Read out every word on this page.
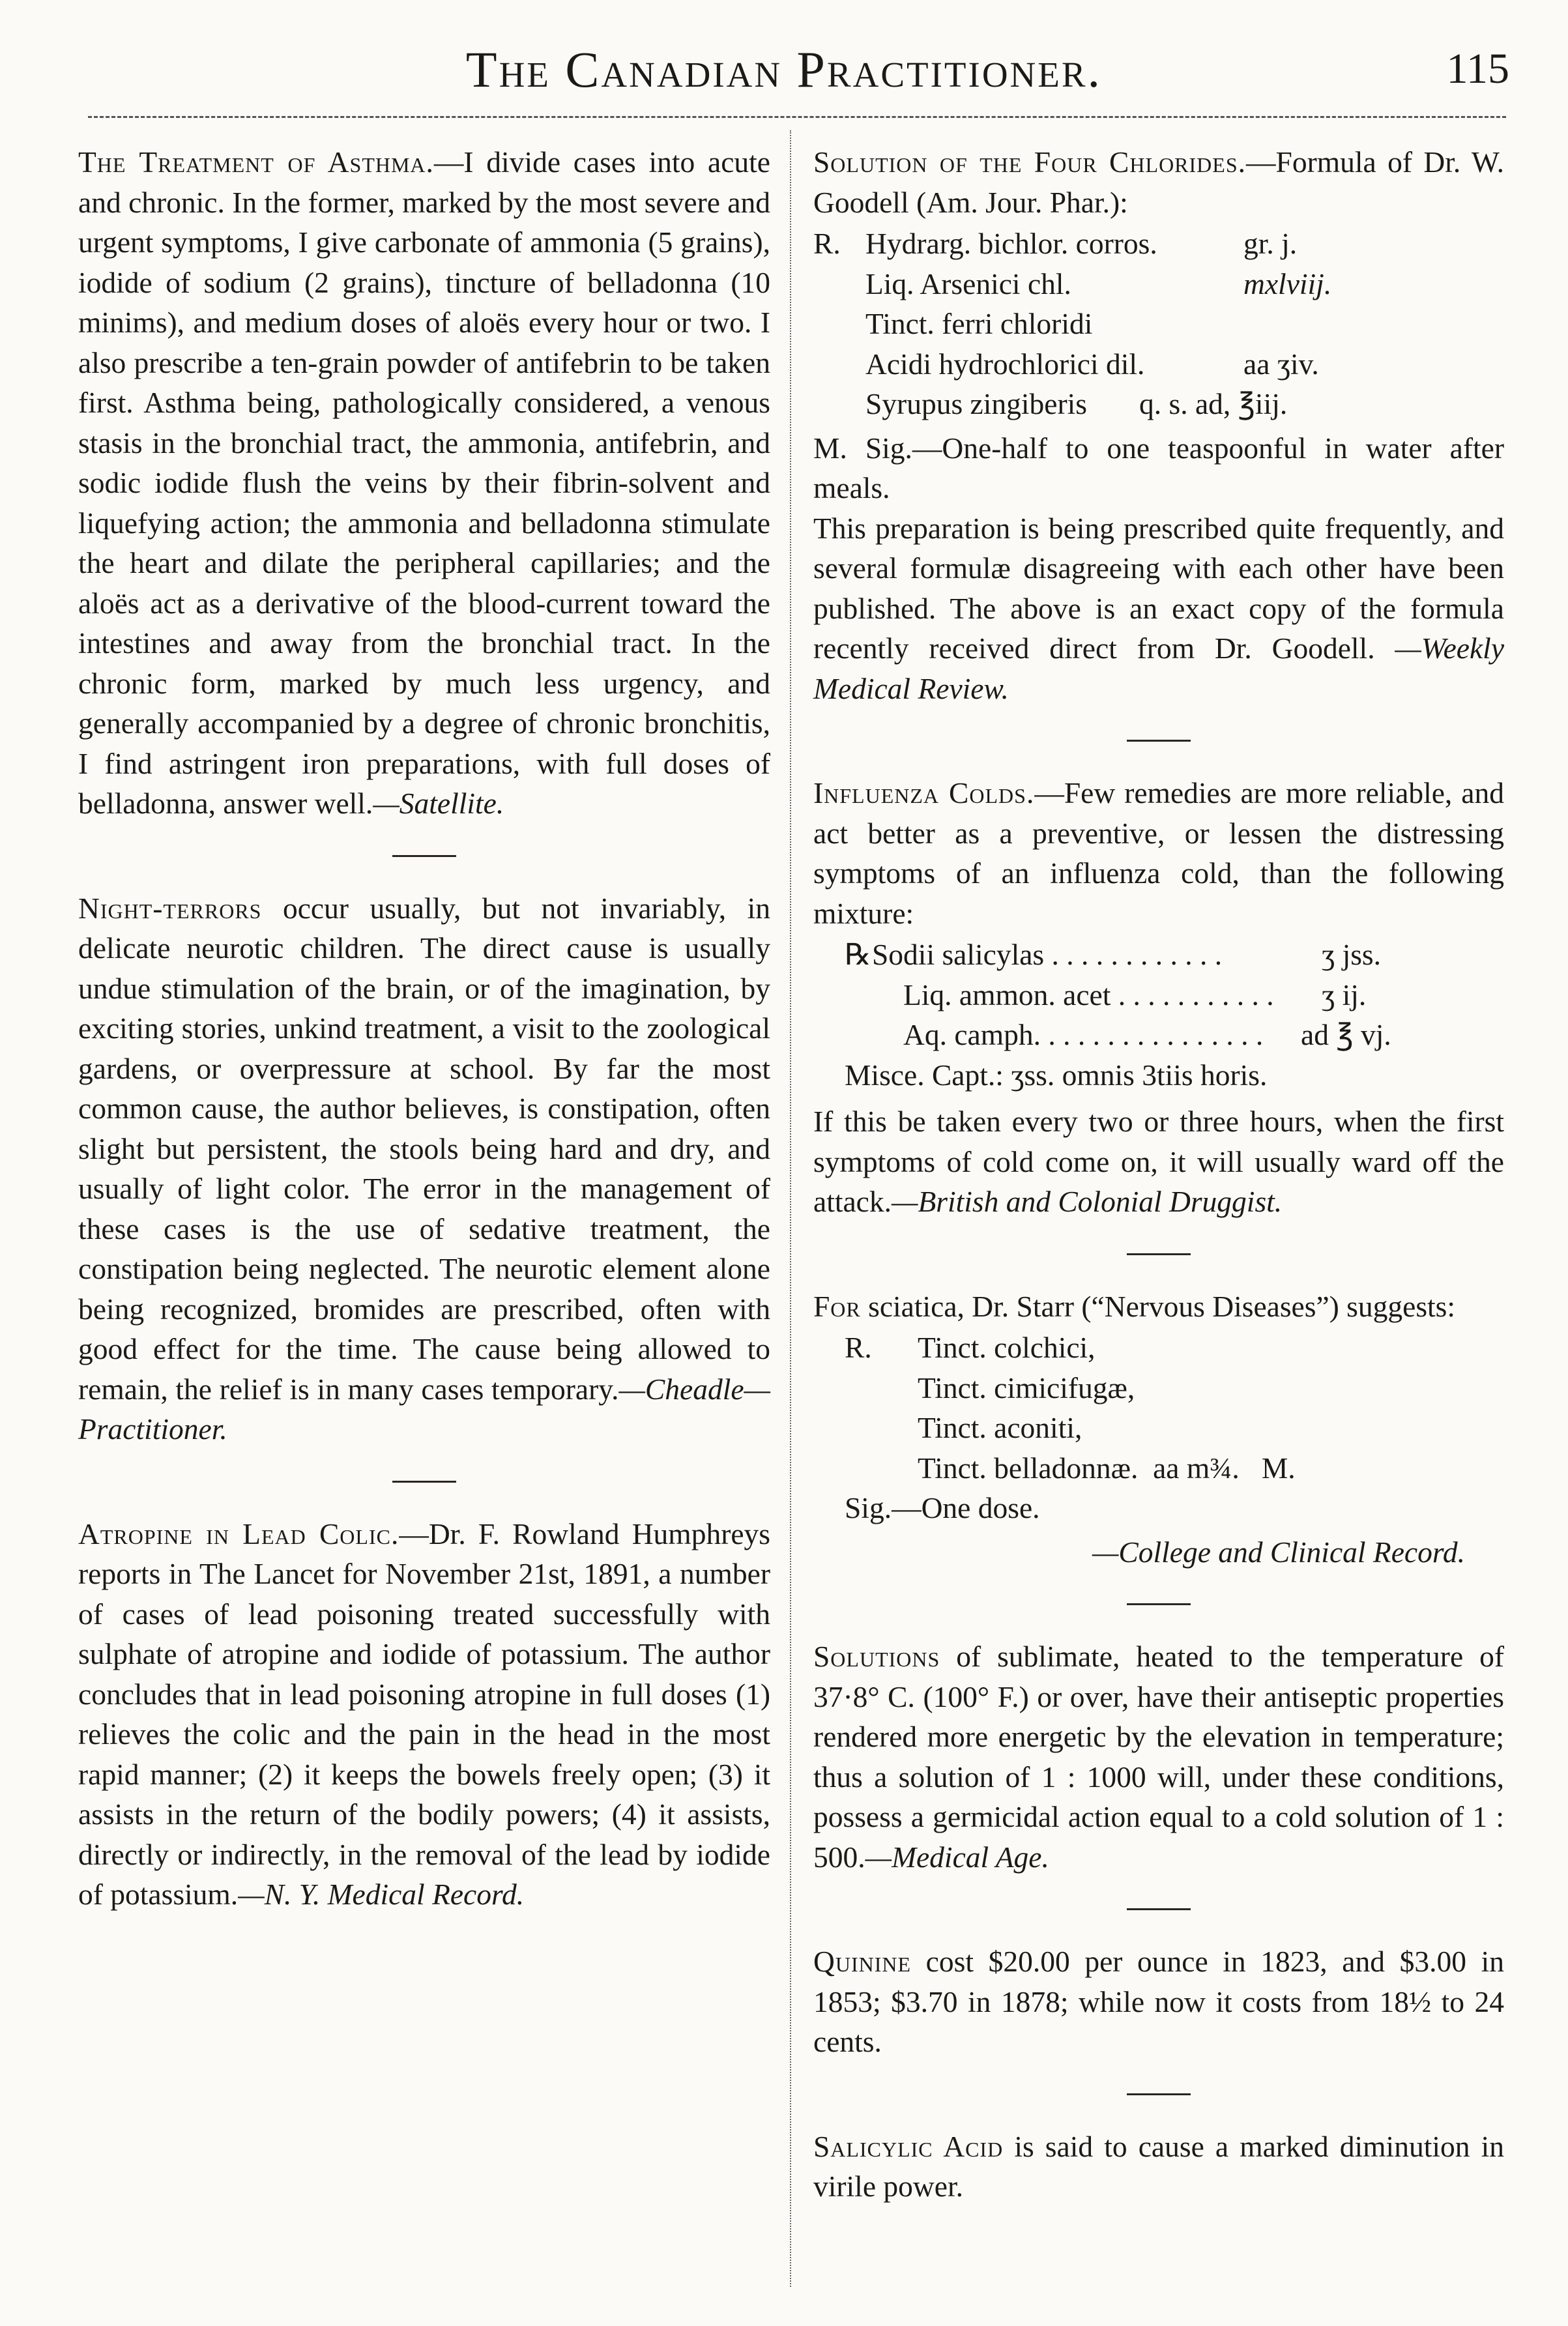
The Canadian Practitioner.	115

The Treatment of Asthma.—I divide cases into acute and chronic. In the former, marked by the most severe and urgent symptoms, I give carbonate of ammonia (5 grains), iodide of sodium (2 grains), tincture of belladonna (10 minims), and medium doses of aloës every hour or two. I also prescribe a ten-grain powder of antifebrin to be taken first. Asthma being, pathologically considered, a venous stasis in the bronchial tract, the ammonia, antifebrin, and sodic iodide flush the veins by their fibrin-solvent and liquefying action; the ammonia and belladonna stimulate the heart and dilate the peripheral capillaries; and the aloës act as a derivative of the blood-current toward the intestines and away from the bronchial tract. In the chronic form, marked by much less urgency, and generally accompanied by a degree of chronic bronchitis, I find astringent iron preparations, with full doses of belladonna, answer well.—Satellite.

Night-terrors occur usually, but not invariably, in delicate neurotic children. The direct cause is usually undue stimulation of the brain, or of the imagination, by exciting stories, unkind treatment, a visit to the zoological gardens, or overpressure at school. By far the most common cause, the author believes, is constipation, often slight but persistent, the stools being hard and dry, and usually of light color. The error in the management of these cases is the use of sedative treatment, the constipation being neglected. The neurotic element alone being recognized, bromides are prescribed, often with good effect for the time. The cause being allowed to remain, the relief is in many cases temporary.—Cheadle—Practitioner.

Atropine in Lead Colic.—Dr. F. Rowland Humphreys reports in The Lancet for November 21st, 1891, a number of cases of lead poisoning treated successfully with sulphate of atropine and iodide of potassium. The author concludes that in lead poisoning atropine in full doses (1) relieves the colic and the pain in the head in the most rapid manner; (2) it keeps the bowels freely open; (3) it assists in the return of the bodily powers; (4) it assists, directly or indirectly, in the removal of the lead by iodide of potassium.—N. Y. Medical Record.

Solution of the Four Chlorides.—Formula of Dr. W. Goodell (Am. Jour. Phar.):

R. Hydrarg. bichlor. corros.	gr. j.
Liq. Arsenici chl.	mxlviij.
Tinct. ferri chloridi
Acidi hydrochlorici dil.	aa ʒiv.
Syrupus zingiberis	q. s. ad, ℥iij.

M. Sig.—One-half to one teaspoonful in water after meals.

This preparation is being prescribed quite frequently, and several formulæ disagreeing with each other have been published. The above is an exact copy of the formula recently received direct from Dr. Goodell. —Weekly Medical Review.

Influenza Colds.—Few remedies are more reliable, and act better as a preventive, or lessen the distressing symptoms of an influenza cold, than the following mixture:

℞ Sodii salicylas . . . . . . . . . . . .	ʒ jss.
Liq. ammon. acet . . . . . . . . . . .	ʒ ij.
Aq. camph. . . . . . . . . . . . . . . .	ad ℥ vj.
Misce. Capt.: ʒss. omnis 3tiis horis.

If this be taken every two or three hours, when the first symptoms of cold come on, it will usually ward off the attack.—British and Colonial Druggist.

For sciatica, Dr. Starr (“Nervous Diseases”) suggests:

R.	Tinct. colchici,
Tinct. cimicifugæ,
Tinct. aconiti,
Tinct. belladonnæ.  aa m¾.   M.
Sig.—One dose.

—College and Clinical Record.

Solutions of sublimate, heated to the temperature of 37·8° C. (100° F.) or over, have their antiseptic properties rendered more energetic by the elevation in temperature; thus a solution of 1 : 1000 will, under these conditions, possess a germicidal action equal to a cold solution of 1 : 500.—Medical Age.

Quinine cost $20.00 per ounce in 1823, and $3.00 in 1853; $3.70 in 1878; while now it costs from 18½ to 24 cents.

Salicylic Acid is said to cause a marked diminution in virile power.
